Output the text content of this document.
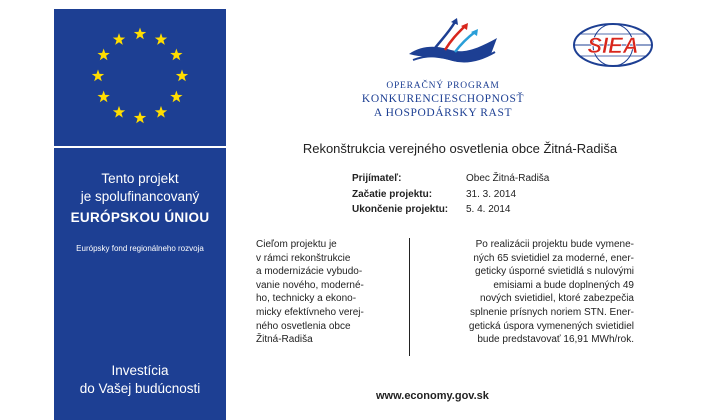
Tento projekt
je spolufinancovaný
EURÓPSKOU ÚNIOU
Európsky fond regionálneho rozvoja
Investícia
do Vašej budúcnosti
OPERAČNÝ PROGRAM
KONKURENCIESCHOPNOSŤ
A HOSPODÁRSKY RAST
SIEA
Rekonštrukcia verejného osvetlenia obce Žitná-Radiša
Prijímateľ:
Začatie projektu:
Ukončenie projektu:
Obec Žitná-Radiša
31. 3. 2014
5. 4. 2014
Cieľom projektu je
v rámci rekonštrukcie
a modernizácie vybudo-
vanie nového, moderné-
ho, technicky a ekono-
micky efektívneho verej-
ného osvetlenia obce
Žitná-Radiša
Po realizácii projektu bude vymene-
ných 65 svietidiel za moderné, ener-
geticky úsporné svietidlá s nulovými
emisiami a bude doplnených 49
nových svietidiel, ktoré zabezpečia
splnenie prísnych noriem STN. Ener-
getická úspora vymenených svietidiel
bude predstavovať 16,91 MWh/rok.
www.economy.gov.sk
